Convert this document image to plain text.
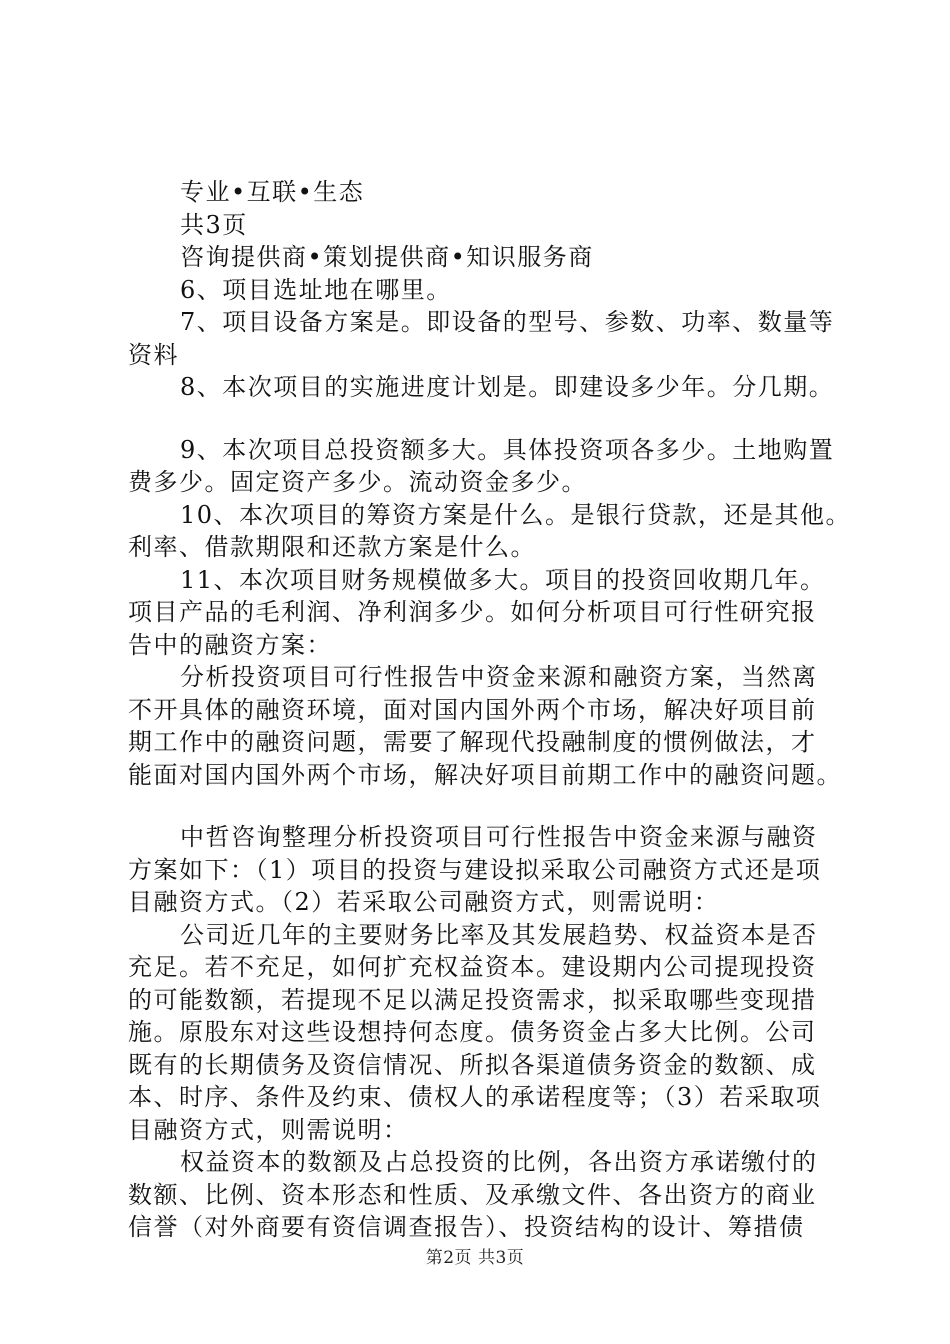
专业•互联•生态
共3页
咨询提供商•策划提供商•知识服务商
6、项目选址地在哪里。
7、项目设备方案是。即设备的型号、参数、功率、数量等
资料
8、本次项目的实施进度计划是。即建设多少年。分几期。
9、本次项目总投资额多大。具体投资项各多少。土地购置
费多少。固定资产多少。流动资金多少。
10、本次项目的筹资方案是什么。是银行贷款，还是其他。
利率、借款期限和还款方案是什么。
11、本次项目财务规模做多大。项目的投资回收期几年。
项目产品的毛利润、净利润多少。如何分析项目可行性研究报
告中的融资方案：
分析投资项目可行性报告中资金来源和融资方案，当然离
不开具体的融资环境，面对国内国外两个市场，解决好项目前
期工作中的融资问题，需要了解现代投融制度的惯例做法，才
能面对国内国外两个市场，解决好项目前期工作中的融资问题。
中哲咨询整理分析投资项目可行性报告中资金来源与融资
方案如下：（1）项目的投资与建设拟采取公司融资方式还是项
目融资方式。（2）若采取公司融资方式，则需说明：
公司近几年的主要财务比率及其发展趋势、权益资本是否
充足。若不充足，如何扩充权益资本。建设期内公司提现投资
的可能数额，若提现不足以满足投资需求，拟采取哪些变现措
施。原股东对这些设想持何态度。债务资金占多大比例。公司
既有的长期债务及资信情况、所拟各渠道债务资金的数额、成
本、时序、条件及约束、债权人的承诺程度等；（3）若采取项
目融资方式，则需说明：
权益资本的数额及占总投资的比例，各出资方承诺缴付的
数额、比例、资本形态和性质、及承缴文件、各出资方的商业
信誉（对外商要有资信调查报告）、投资结构的设计、筹措债
第2页 共3页
